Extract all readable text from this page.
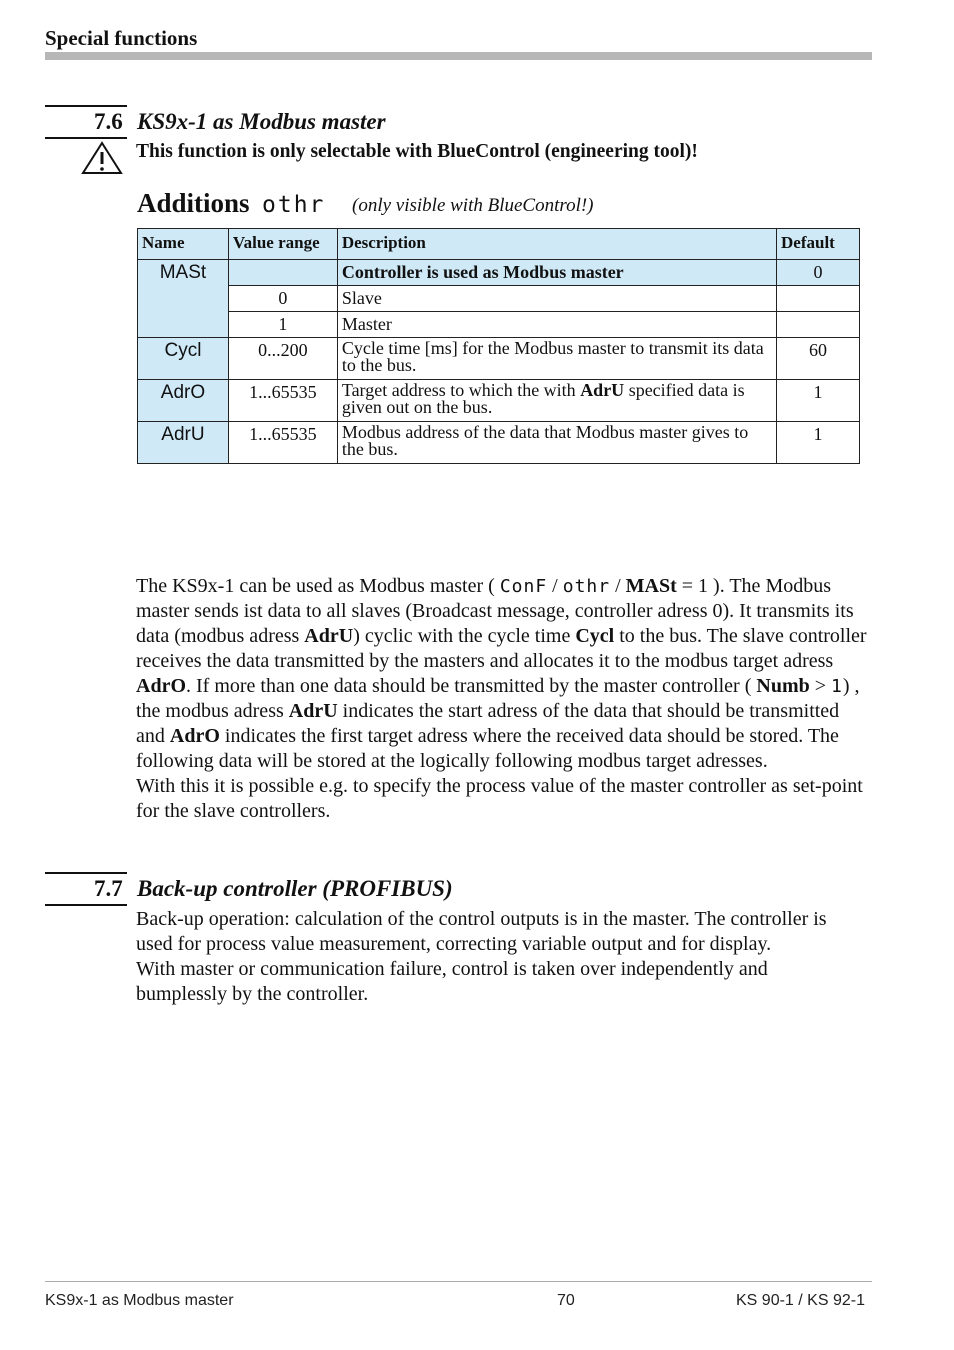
Special functions
7.6 KS9x-1 as Modbus master
This function is only selectable with BlueControl (engineering tool)!
Additions othr (only visible with BlueControl!)
Name	Value range	Description	Default
MASt		Controller is used as Modbus master	0
	0	Slave	
	1	Master	
Cycl	0...200	Cycle time [ms] for the Modbus master to transmit its data to the bus.	60
AdrO	1...65535	Target address to which the with AdrU specified data is given out on the bus.	1
AdrU	1...65535	Modbus address of the data that Modbus master gives to the bus.	1
The KS9x-1 can be used as Modbus master ( ConF / othr / MASt = 1 ). The Modbus master sends ist data to all slaves (Broadcast message, controller adress 0). It transmits its data (modbus adress AdrU) cyclic with the cycle time Cycl to the bus. The slave controller receives the data transmitted by the masters and allocates it to the modbus target adress AdrO. If more than one data should be transmitted by the master controller ( Numb > 1) , the modbus adress AdrU indicates the start adress of the data that should be transmitted and AdrO indicates the first target adress where the received data should be stored. The following data will be stored at the logically following modbus target adresses.
With this it is possible e.g. to specify the process value of the master controller as set-point for the slave controllers.
7.7 Back-up controller (PROFIBUS)
Back-up operation: calculation of the control outputs is in the master. The controller is used for process value measurement, correcting variable output and for display.
With master or communication failure, control is taken over independently and bumplessly by the controller.
KS9x-1 as Modbus master	70	KS 90-1 / KS 92-1
